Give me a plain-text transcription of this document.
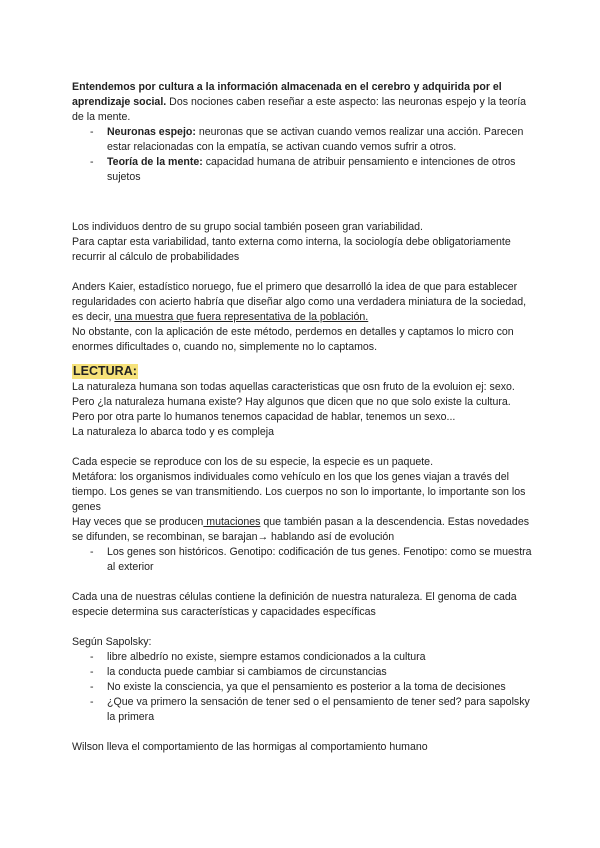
Entendemos por cultura a la información almacenada en el cerebro y adquirida por el aprendizaje social. Dos nociones caben reseñar a este aspecto: las neuronas espejo y la teoría de la mente.

- Neuronas espejo: neuronas que se activan cuando vemos realizar una acción. Parecen estar relacionadas con la empatía, se activan cuando vemos sufrir a otros.
- Teoría de la mente: capacidad humana de atribuir pensamiento e intenciones de otros sujetos

Los individuos dentro de su grupo social también poseen gran variabilidad.
Para captar esta variabilidad, tanto externa como interna, la sociología debe obligatoriamente recurrir al cálculo de probabilidades

Anders Kaier, estadístico noruego, fue el primero que desarrolló la idea de que para establecer regularidades con acierto habría que diseñar algo como una verdadera miniatura de la sociedad, es decir, una muestra que fuera representativa de la población.

No obstante, con la aplicación de este método, perdemos en detalles y captamos lo micro con enormes dificultades o, cuando no, simplemente no lo captamos.

LECTURA:

La naturaleza humana son todas aquellas caracteristicas que osn fruto de la evoluion ej: sexo. Pero ¿la naturaleza humana existe? Hay algunos que dicen que no que solo existe la cultura. Pero por otra parte lo humanos tenemos capacidad de hablar, tenemos un sexo...

La naturaleza lo abarca todo y es compleja

Cada especie se reproduce con los de su especie, la especie es un paquete.

Metáfora: los organismos individuales como vehículo en los que los genes viajan a través del tiempo. Los genes se van transmitiendo. Los cuerpos no son lo importante, lo importante son los genes

Hay veces que se producen mutaciones que también pasan a la descendencia. Estas novedades se difunden, se recombinan, se barajan→ hablando así de evolución

- Los genes son históricos. Genotipo: codificación de tus genes. Fenotipo: como se muestra al exterior

Cada una de nuestras células contiene la definición de nuestra naturaleza. El genoma de cada especie determina sus características y capacidades específicas

Según Sapolsky:

- libre albedrío no existe, siempre estamos condicionados a la cultura
- la conducta puede cambiar si cambiamos de circunstancias
- No existe la consciencia, ya que el pensamiento es posterior a la toma de decisiones
- ¿Que va primero la sensación de tener sed o el pensamiento de tener sed? para sapolsky la primera

Wilson lleva el comportamiento de las hormigas al comportamiento humano
